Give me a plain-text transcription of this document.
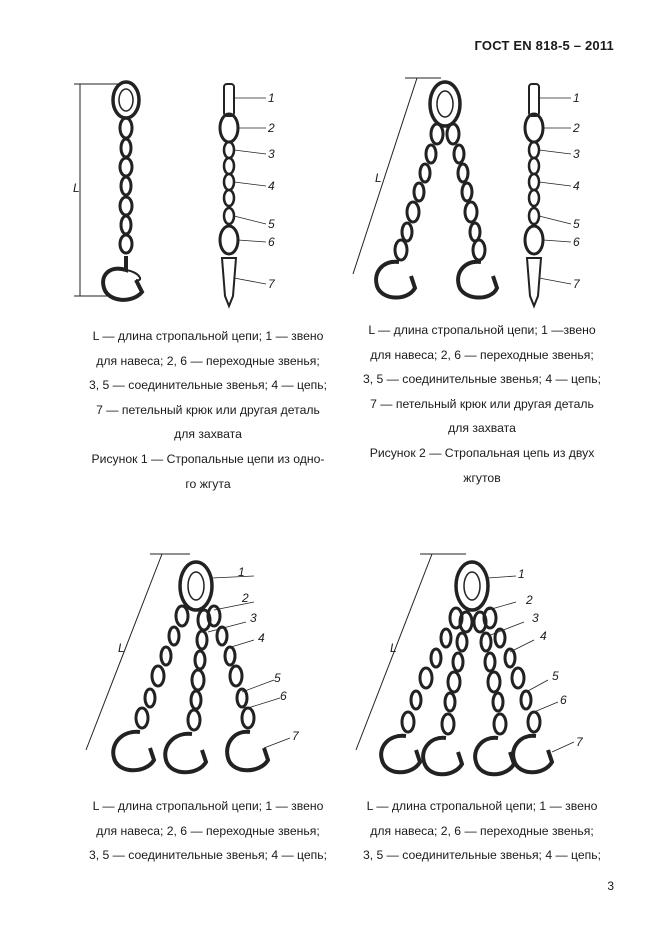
ГОСТ EN 818-5 – 2011
L
1
2
3
4
5
6
7
L — длина стропальной цепи; 1 — звено
для навеса; 2, 6 — переходные звенья;
3, 5 — соединительные звенья; 4 — цепь;
7 — петельный крюк или другая деталь
для захвата
Рисунок 1 — Стропальные цепи из одно-
го жгута
L
1
2
3
4
5
6
7
L — длина стропальной цепи; 1 —звено
для навеса; 2, 6 — переходные звенья;
3, 5 — соединительные звенья; 4 — цепь;
7 — петельный крюк или другая деталь
для захвата
Рисунок 2 — Стропальная цепь из двух
жгутов
L
1
2
3
4
5
6
7
L — длина стропальной цепи; 1 — звено
для навеса; 2, 6 — переходные звенья;
3, 5 — соединительные звенья; 4 — цепь;
L
1
2
3
4
5
6
7
L — длина стропальной цепи; 1 — звено
для навеса; 2, 6 — переходные звенья;
3, 5 — соединительные звенья; 4 — цепь;
3
